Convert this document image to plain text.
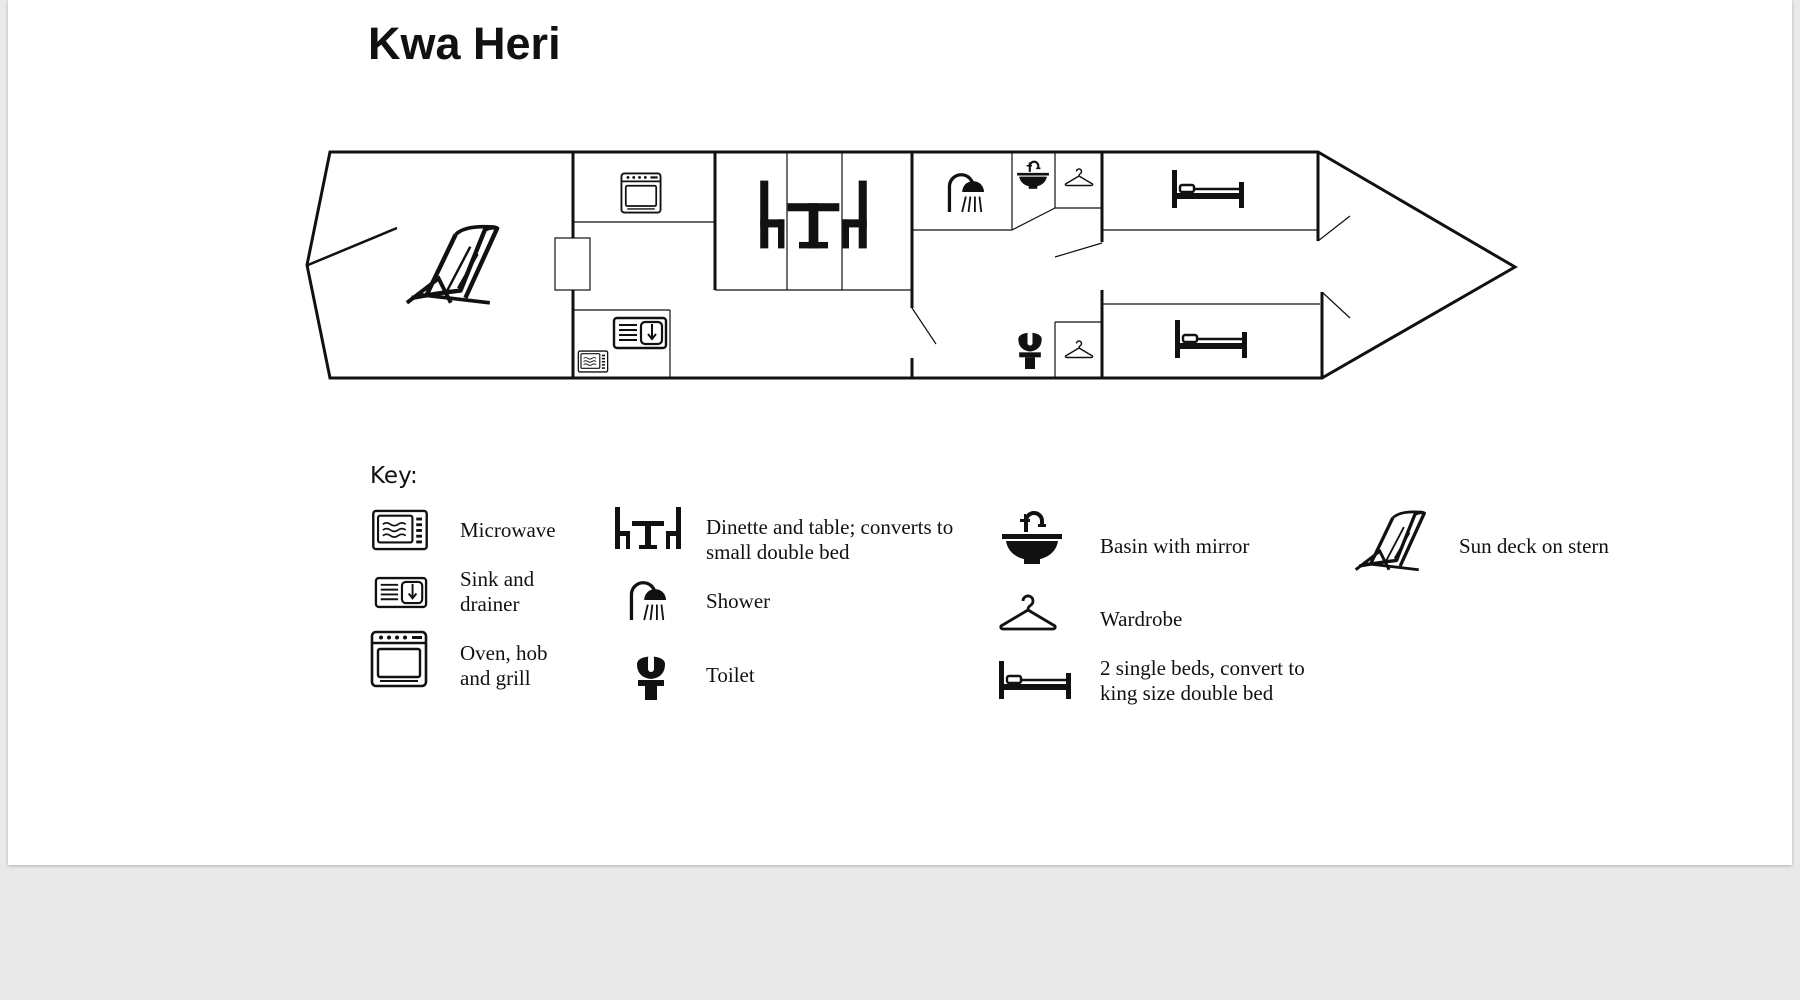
Kwa Heri
Key:
Microwave
Sink and drainer
Oven, hob and grill
Dinette and table; converts to small double bed
Shower
Toilet
Basin with mirror
Wardrobe
2 single beds, convert to king size double bed
Sun deck on stern
